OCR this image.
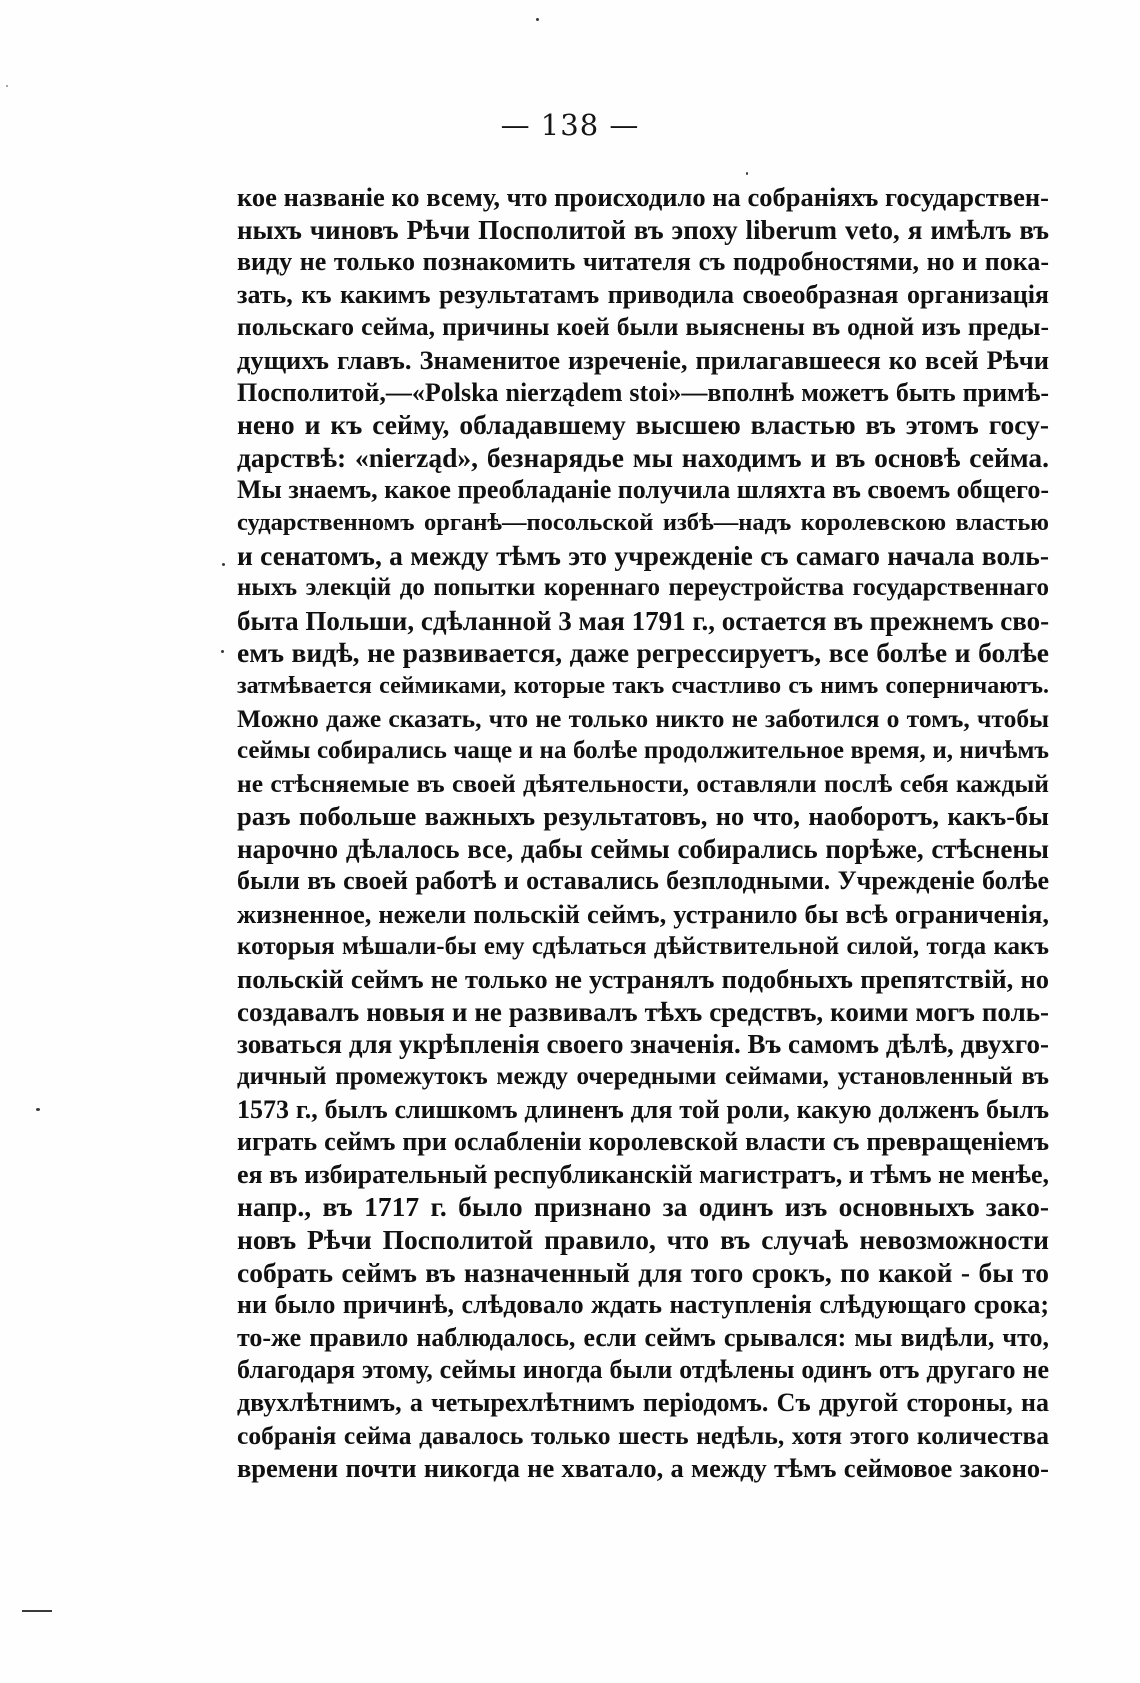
— 138 —
кое названіе ко всему, что происходило на собраніяхъ государствен-
ныхъ чиновъ Рѣчи Посполитой въ эпоху liberum veto, я имѣлъ въ
виду не только познакомить читателя съ подробностями, но и пока-
зать, къ какимъ результатамъ приводила своеобразная организація
польскаго сейма, причины коей были выяснены въ одной изъ преды-
дущихъ главъ. Знаменитое изреченіе, прилагавшееся ко всей Рѣчи
Посполитой,—«Polska nierządem stoi»—вполнѣ можетъ быть примѣ-
нено и къ сейму, обладавшему высшею властью въ этомъ госу-
дарствѣ: «nierząd», безнарядье мы находимъ и въ основѣ сейма.
Мы знаемъ, какое преобладаніе получила шляхта въ своемъ общего-
сударственномъ органѣ—посольской избѣ—надъ королевскою властью
и сенатомъ, а между тѣмъ это учрежденіе съ самаго начала воль-
ныхъ элекцій до попытки кореннаго переустройства государственнаго
быта Польши, сдѣланной 3 мая 1791 г., остается въ прежнемъ сво-
емъ видѣ, не развивается, даже регрессируетъ, все болѣе и болѣе
затмѣвается сеймиками, которые такъ счастливо съ нимъ соперничаютъ.
Можно даже сказать, что не только никто не заботился о томъ, чтобы
сеймы собирались чаще и на болѣе продолжительное время, и, ничѣмъ
не стѣсняемые въ своей дѣятельности, оставляли послѣ себя каждый
разъ побольше важныхъ результатовъ, но что, наоборотъ, какъ-бы
нарочно дѣлалось все, дабы сеймы собирались порѣже, стѣснены
были въ своей работѣ и оставались безплодными. Учрежденіе болѣе
жизненное, нежели польскій сеймъ, устранило бы всѣ ограниченія,
которыя мѣшали-бы ему сдѣлаться дѣйствительной силой, тогда какъ
польскій сеймъ не только не устранялъ подобныхъ препятствій, но
создавалъ новыя и не развивалъ тѣхъ средствъ, коими могъ поль-
зоваться для укрѣпленія своего значенія. Въ самомъ дѣлѣ, двухго-
дичный промежутокъ между очередными сеймами, установленный въ
1573 г., былъ слишкомъ длиненъ для той роли, какую долженъ былъ
играть сеймъ при ослабленіи королевской власти съ превращеніемъ
ея въ избирательный республиканскій магистратъ, и тѣмъ не менѣе,
напр., въ 1717 г. было признано за одинъ изъ основныхъ зако-
новъ Рѣчи Посполитой правило, что въ случаѣ невозможности
собрать сеймъ въ назначенный для того срокъ, по какой - бы то
ни было причинѣ, слѣдовало ждать наступленія слѣдующаго срока;
то-же правило наблюдалось, если сеймъ срывался: мы видѣли, что,
благодаря этому, сеймы иногда были отдѣлены одинъ отъ другаго не
двухлѣтнимъ, а четырехлѣтнимъ періодомъ. Съ другой стороны, на
собранія сейма давалось только шесть недѣль, хотя этого количества
времени почти никогда не хватало, а между тѣмъ сеймовое законо-
